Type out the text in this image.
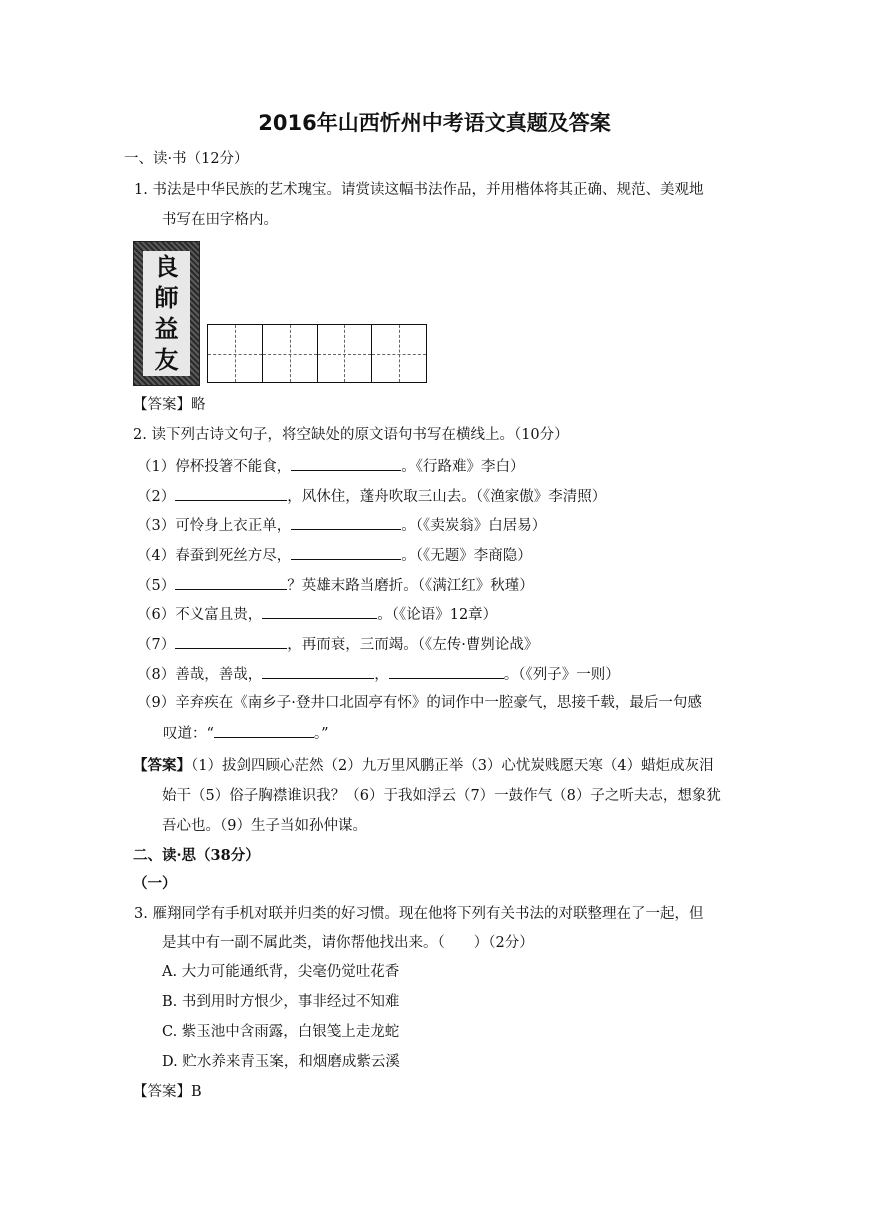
2016年山西忻州中考语文真题及答案
一、读·书（12分）
1. 书法是中华民族的艺术瑰宝。请赏读这幅书法作品，并用楷体将其正确、规范、美观地
书写在田字格内。
良
師
益
友
【答案】略
2. 读下列古诗文句子，将空缺处的原文语句书写在横线上。（10分）
（1）停杯投箸不能食，	。《行路难》李白）
（2）	，风休住，蓬舟吹取三山去。（《渔家傲》李清照）
（3）可怜身上衣正单，	。（《卖炭翁》白居易）
（4）春蚕到死丝方尽，	。（《无题》李商隐）
（5）	？英雄末路当磨折。（《满江红》秋瑾）
（6）不义富且贵，	。（《论语》12章）
（7）	，再而衰，三而竭。（《左传·曹刿论战》
（8）善哉，善哉，	，	。（《列子》一则）
（9）辛弃疾在《南乡子·登井口北固亭有怀》的词作中一腔豪气，思接千载，最后一句感
叹道：“	。”
【答案】（1）拔剑四顾心茫然（2）九万里风鹏正举（3）心忧炭贱愿天寒（4）蜡炬成灰泪
始干（5）俗子胸襟谁识我？（6）于我如浮云（7）一鼓作气（8）子之听夫志，想象犹
吾心也。（9）生子当如孙仲谋。
二、读·思（38分）
（一）
3. 雁翔同学有手机对联并归类的好习惯。现在他将下列有关书法的对联整理在了一起，但
是其中有一副不属此类，请你帮他找出来。（　　）（2分）
A. 大力可能通纸背，尖毫仍觉吐花香
B. 书到用时方恨少，事非经过不知难
C. 紫玉池中含雨露，白银笺上走龙蛇
D. 贮水养来青玉案，和烟磨成紫云溪
【答案】B
